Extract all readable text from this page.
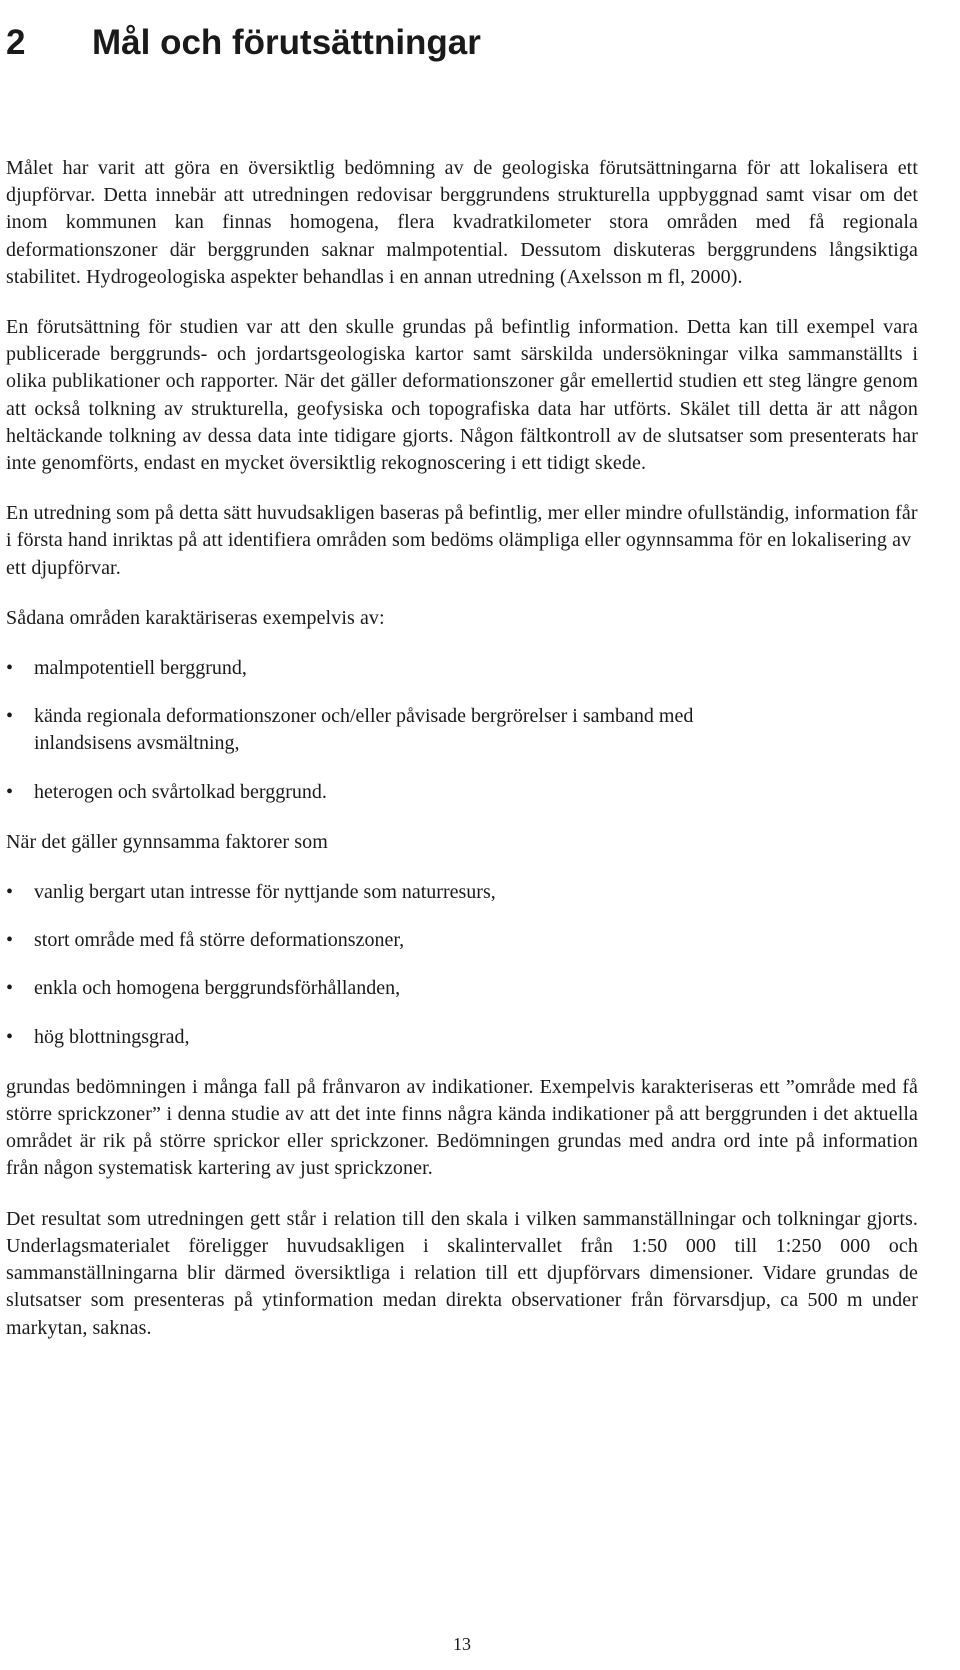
2 Mål och förutsättningar

Målet har varit att göra en översiktlig bedömning av de geologiska förutsättningarna för att lokalisera ett djupförvar. Detta innebär att utredningen redovisar berggrundens strukturella uppbyggnad samt visar om det inom kommunen kan finnas homogena, flera kvadratkilometer stora områden med få regionala deformationszoner där berggrunden saknar malmpotential. Dessutom diskuteras berggrundens långsiktiga stabilitet. Hydrogeologiska aspekter behandlas i en annan utredning (Axelsson m fl, 2000).

En förutsättning för studien var att den skulle grundas på befintlig information. Detta kan till exempel vara publicerade berggrunds- och jordartsgeologiska kartor samt särskilda undersökningar vilka sammanställts i olika publikationer och rapporter. När det gäller deformationszoner går emellertid studien ett steg längre genom att också tolkning av strukturella, geofysiska och topografiska data har utförts. Skälet till detta är att någon heltäckande tolkning av dessa data inte tidigare gjorts. Någon fältkontroll av de slutsatser som presenterats har inte genomförts, endast en mycket översiktlig rekognoscering i ett tidigt skede.

En utredning som på detta sätt huvudsakligen baseras på befintlig, mer eller mindre ofullständig, information får i första hand inriktas på att identifiera områden som bedöms olämpliga eller ogynnsamma för en lokalisering av ett djupförvar.

Sådana områden karaktäriseras exempelvis av:

• malmpotentiell berggrund,
• kända regionala deformationszoner och/eller påvisade bergrörelser i samband med inlandsisens avsmältning,
• heterogen och svårtolkad berggrund.

När det gäller gynnsamma faktorer som

• vanlig bergart utan intresse för nyttjande som naturresurs,
• stort område med få större deformationszoner,
• enkla och homogena berggrundsförhållanden,
• hög blottningsgrad,

grundas bedömningen i många fall på frånvaron av indikationer. Exempelvis karakteriseras ett ”område med få större sprickzoner” i denna studie av att det inte finns några kända indikationer på att berggrunden i det aktuella området är rik på större sprickor eller sprickzoner. Bedömningen grundas med andra ord inte på information från någon systematisk kartering av just sprickzoner.

Det resultat som utredningen gett står i relation till den skala i vilken sammanställningar och tolkningar gjorts. Underlagsmaterialet föreligger huvudsakligen i skalintervallet från 1:50 000 till 1:250 000 och sammanställningarna blir därmed översiktliga i relation till ett djupförvars dimensioner. Vidare grundas de slutsatser som presenteras på ytinformation medan direkta observationer från förvarsdjup, ca 500 m under markytan, saknas.

13
